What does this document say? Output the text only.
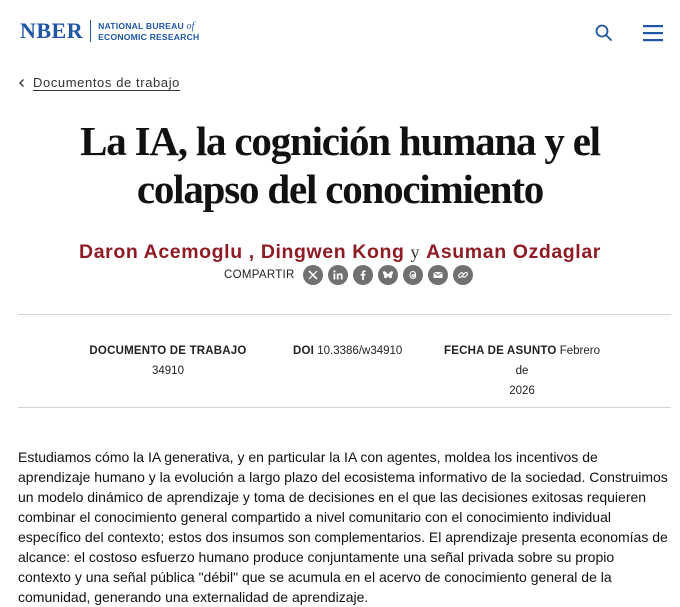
NBER NATIONAL BUREAU of
ECONOMIC RESEARCH
Documentos de trabajo
La IA, la cognición humana y el
colapso del conocimiento
Daron Acemoglu , Dingwen Kong y Asuman Ozdaglar
COMPARTIR
DOCUMENTO DE TRABAJO
34910
DOI 10.3386/w34910	FECHA DE ASUNTO Febrero de
2026

Estudiamos cómo la IA generativa, y en particular la IA con agentes, moldea los incentivos de aprendizaje humano y la evolución a largo plazo del ecosistema informativo de la sociedad. Construimos un modelo dinámico de aprendizaje y toma de decisiones en el que las decisiones exitosas requieren combinar el conocimiento general compartido a nivel comunitario con el conocimiento individual específico del contexto; estos dos insumos son complementarios. El aprendizaje presenta economías de alcance: el costoso esfuerzo humano produce conjuntamente una señal privada sobre su propio contexto y una señal pública "débil" que se acumula en el acervo de conocimiento general de la comunidad, generando una externalidad de aprendizaje.
